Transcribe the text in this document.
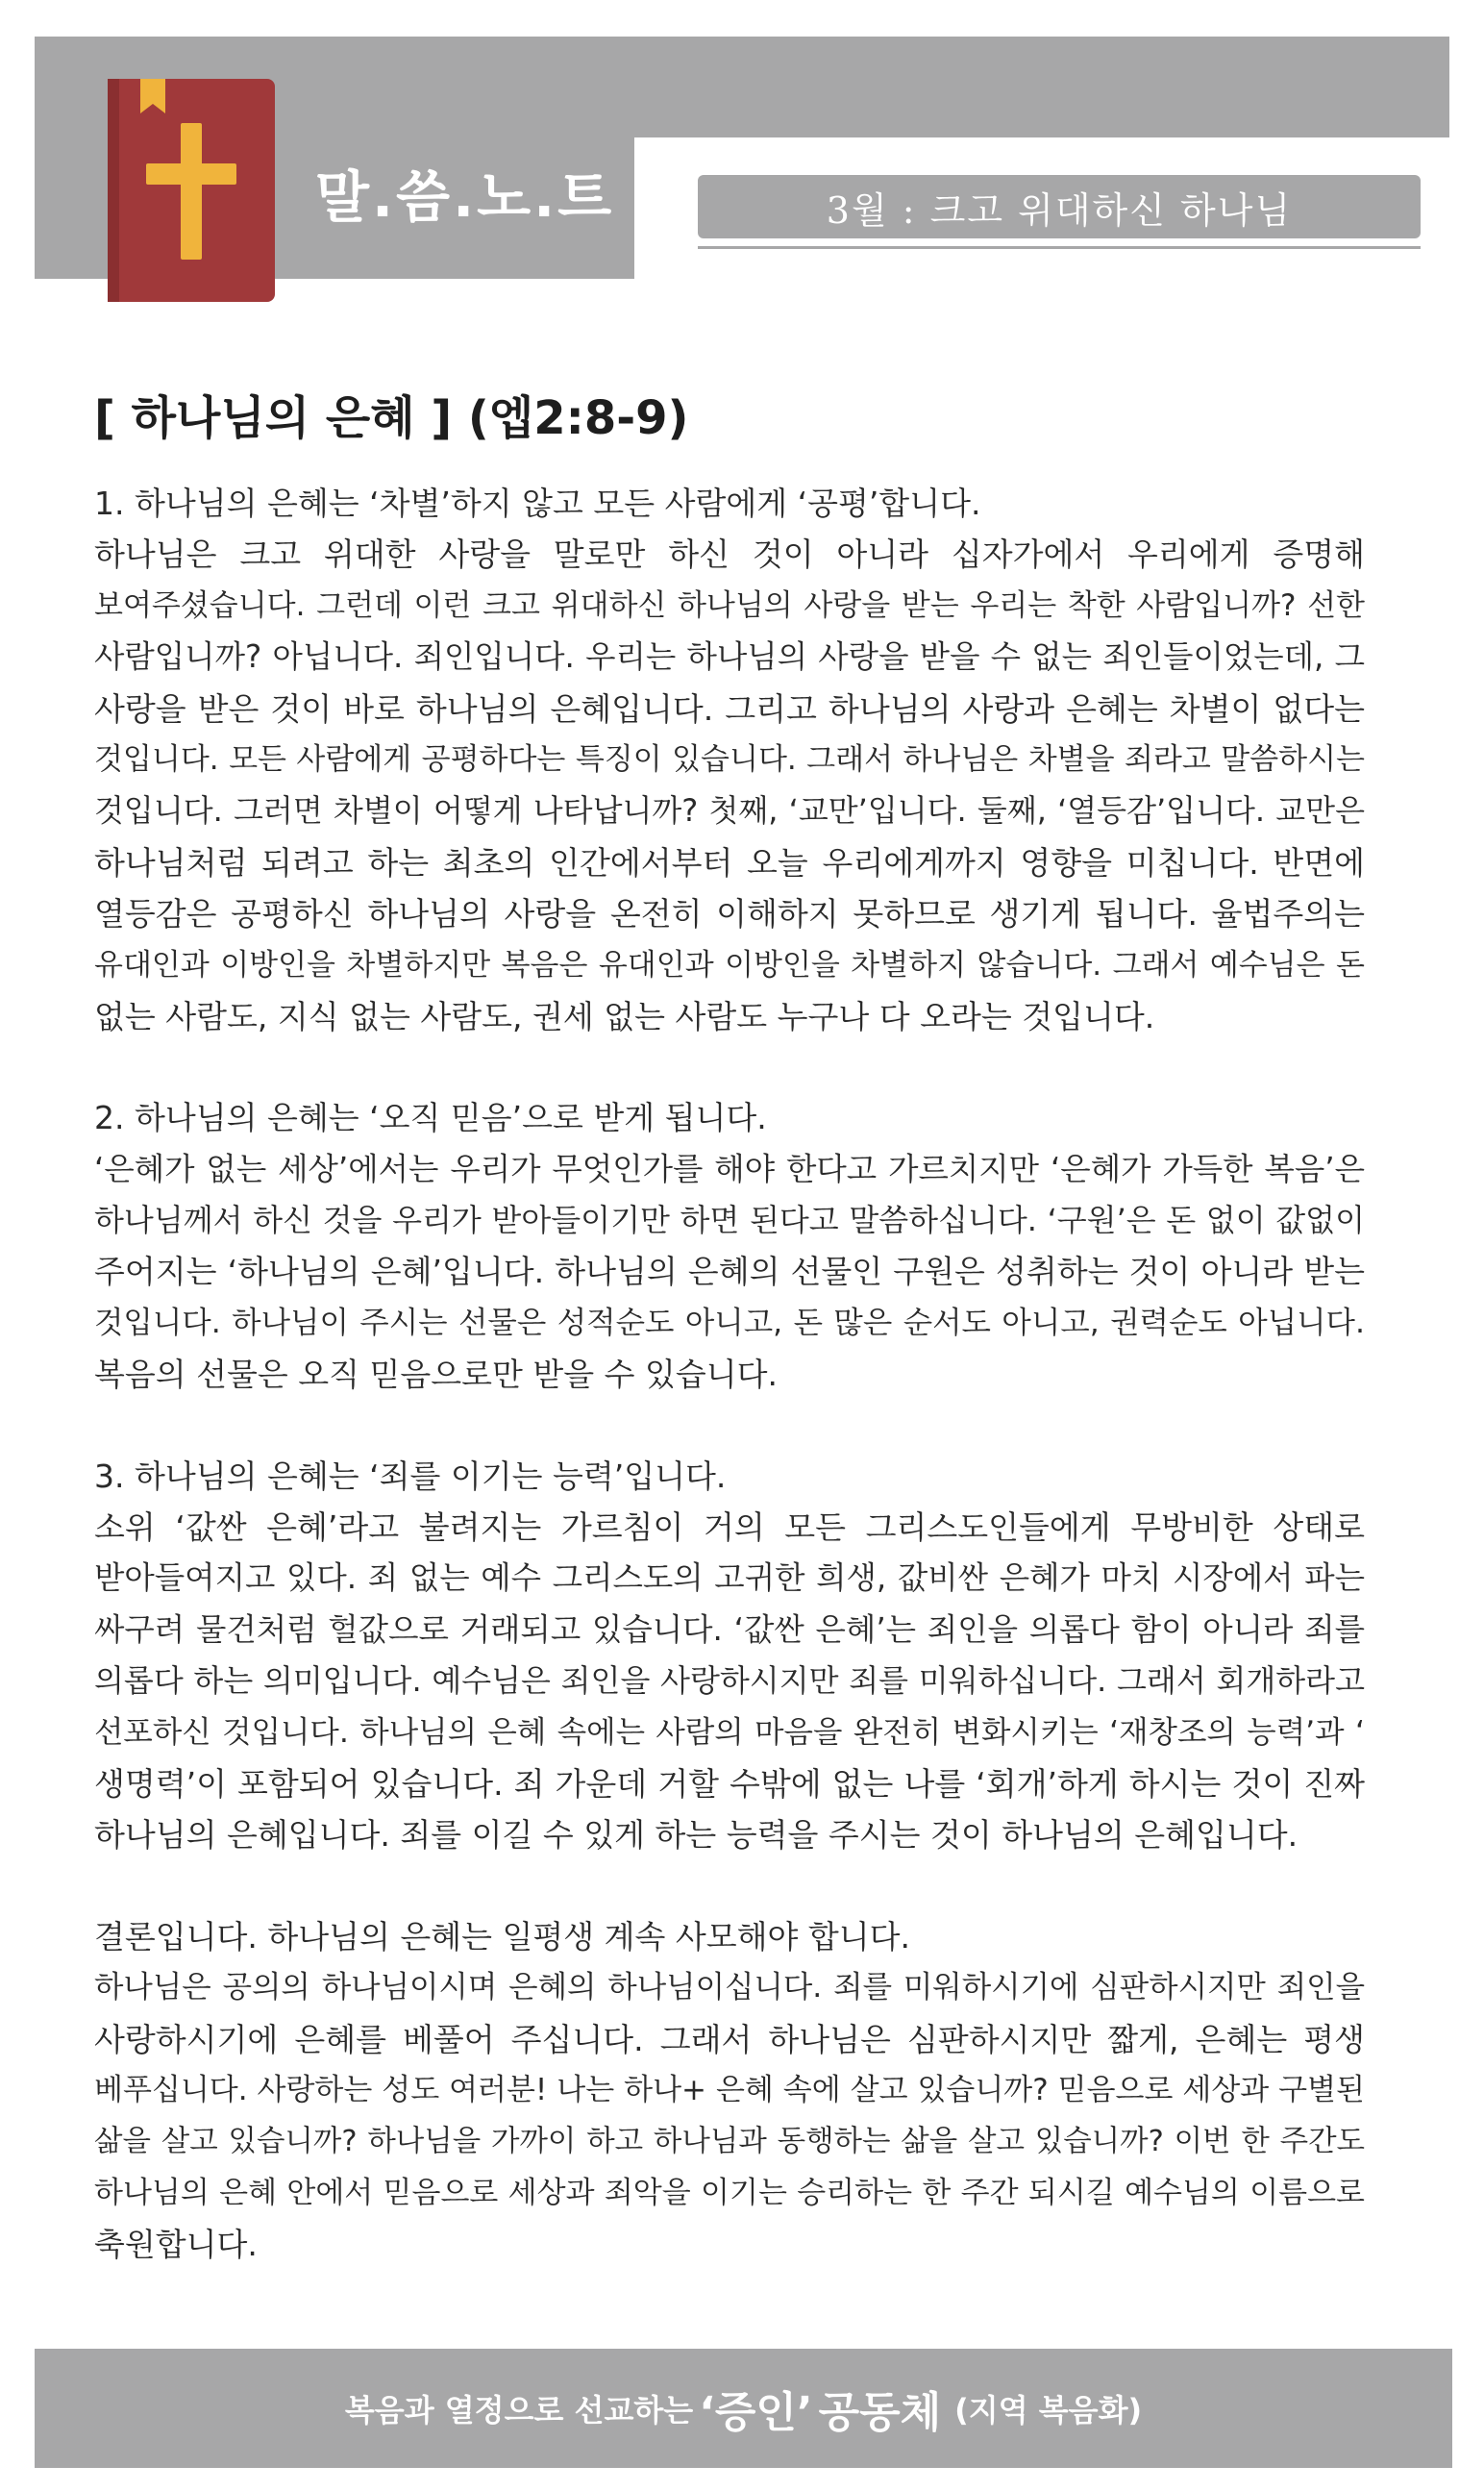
말.씀.노.트	3월 : 크고 위대하신 하나님
[ 하나님의 은혜 ] (엡2:8-9)
1. 하나님의 은혜는 ‘차별’하지 않고 모든 사람에게 ‘공평’합니다.
하나님은 크고 위대한 사랑을 말로만 하신 것이 아니라 십자가에서 우리에게 증명해
보여주셨습니다. 그런데 이런 크고 위대하신 하나님의 사랑을 받는 우리는 착한 사람입니까? 선한
사람입니까? 아닙니다. 죄인입니다. 우리는 하나님의 사랑을 받을 수 없는 죄인들이었는데, 그
사랑을 받은 것이 바로 하나님의 은혜입니다. 그리고 하나님의 사랑과 은혜는 차별이 없다는
것입니다. 모든 사람에게 공평하다는 특징이 있습니다. 그래서 하나님은 차별을 죄라고 말씀하시는
것입니다. 그러면 차별이 어떻게 나타납니까? 첫째, ‘교만’입니다. 둘째, ‘열등감’입니다. 교만은
하나님처럼 되려고 하는 최초의 인간에서부터 오늘 우리에게까지 영향을 미칩니다. 반면에
열등감은 공평하신 하나님의 사랑을 온전히 이해하지 못하므로 생기게 됩니다. 율법주의는
유대인과 이방인을 차별하지만 복음은 유대인과 이방인을 차별하지 않습니다. 그래서 예수님은 돈
없는 사람도, 지식 없는 사람도, 권세 없는 사람도 누구나 다 오라는 것입니다.
2. 하나님의 은혜는 ‘오직 믿음’으로 받게 됩니다.
‘은혜가 없는 세상’에서는 우리가 무엇인가를 해야 한다고 가르치지만 ‘은혜가 가득한 복음’은
하나님께서 하신 것을 우리가 받아들이기만 하면 된다고 말씀하십니다. ‘구원’은 돈 없이 값없이
주어지는 ‘하나님의 은혜’입니다. 하나님의 은혜의 선물인 구원은 성취하는 것이 아니라 받는
것입니다. 하나님이 주시는 선물은 성적순도 아니고, 돈 많은 순서도 아니고, 권력순도 아닙니다.
복음의 선물은 오직 믿음으로만 받을 수 있습니다.
3. 하나님의 은혜는 ‘죄를 이기는 능력’입니다.
소위 ‘값싼 은혜’라고 불려지는 가르침이 거의 모든 그리스도인들에게 무방비한 상태로
받아들여지고 있다. 죄 없는 예수 그리스도의 고귀한 희생, 값비싼 은혜가 마치 시장에서 파는
싸구려 물건처럼 헐값으로 거래되고 있습니다. ‘값싼 은혜’는 죄인을 의롭다 함이 아니라 죄를
의롭다 하는 의미입니다. 예수님은 죄인을 사랑하시지만 죄를 미워하십니다. 그래서 회개하라고
선포하신 것입니다. 하나님의 은혜 속에는 사람의 마음을 완전히 변화시키는 ‘재창조의 능력’과 ‘
생명력’이 포함되어 있습니다. 죄 가운데 거할 수밖에 없는 나를 ‘회개’하게 하시는 것이 진짜
하나님의 은혜입니다. 죄를 이길 수 있게 하는 능력을 주시는 것이 하나님의 은혜입니다.
결론입니다. 하나님의 은혜는 일평생 계속 사모해야 합니다.
하나님은 공의의 하나님이시며 은혜의 하나님이십니다. 죄를 미워하시기에 심판하시지만 죄인을
사랑하시기에 은혜를 베풀어 주십니다. 그래서 하나님은 심판하시지만 짧게, 은혜는 평생
베푸십니다. 사랑하는 성도 여러분! 나는 하나+ 은혜 속에 살고 있습니까? 믿음으로 세상과 구별된
삶을 살고 있습니까? 하나님을 가까이 하고 하나님과 동행하는 삶을 살고 있습니까? 이번 한 주간도
하나님의 은혜 안에서 믿음으로 세상과 죄악을 이기는 승리하는 한 주간 되시길 예수님의 이름으로
축원합니다.
복음과 열정으로 선교하는 ‘증인’ 공동체 (지역 복음화)
